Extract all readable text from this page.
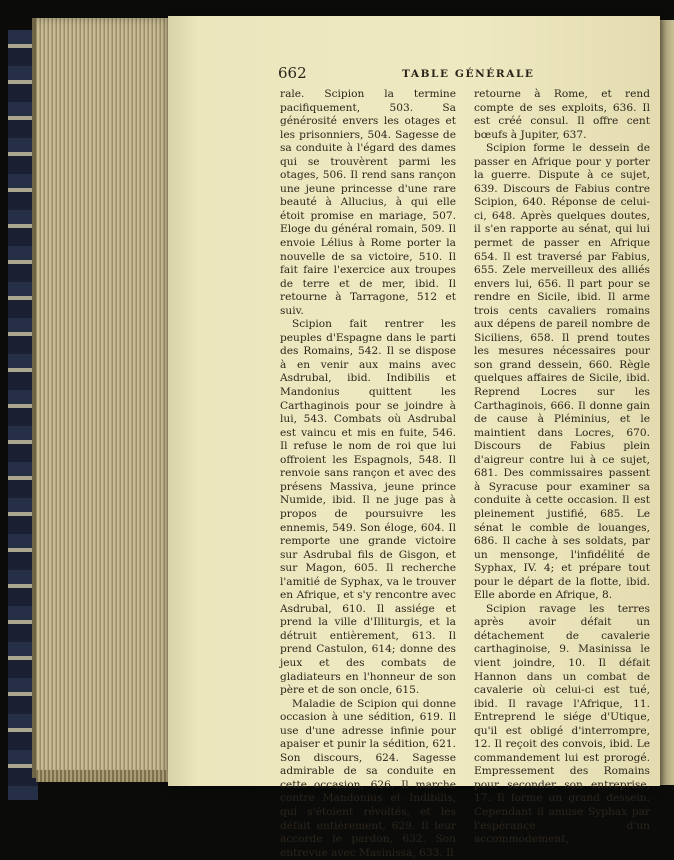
662	TABLE GÉNÉRALE

rale. Scipion la termine pacifiquement, 503. Sa générosité envers les otages et les prisonniers, 504. Sagesse de sa conduite à l'égard des dames qui se trouvèrent parmi les otages, 506. Il rend sans rançon une jeune princesse d'une rare beauté à Allucius, à qui elle étoit promise en mariage, 507. Eloge du général romain, 509. Il envoie Lélius à Rome porter la nouvelle de sa victoire, 510. Il fait faire l'exercice aux troupes de terre et de mer, ibid. Il retourne à Tarragone, 512 et suiv.

Scipion fait rentrer les peuples d'Espagne dans le parti des Romains, 542. Il se dispose à en venir aux mains avec Asdrubal, ibid. Indibilis et Mandonius quittent les Carthaginois pour se joindre à lui, 543. Combats où Asdrubal est vaincu et mis en fuite, 546. Il refuse le nom de roi que lui offroient les Espagnols, 548. Il renvoie sans rançon et avec des présens Massiva, jeune prince Numide, ibid. Il ne juge pas à propos de poursuivre les ennemis, 549. Son éloge, 604. Il remporte une grande victoire sur Asdrubal fils de Gisgon, et sur Magon, 605. Il recherche l'amitié de Syphax, va le trouver en Afrique, et s'y rencontre avec Asdrubal, 610. Il assiége et prend la ville d'Illiturgis, et la détruit entièrement, 613. Il prend Castulon, 614; donne des jeux et des combats de gladiateurs en l'honneur de son père et de son oncle, 615.

Maladie de Scipion qui donne occasion à une sédition, 619. Il use d'une adresse infinie pour apaiser et punir la sédition, 621. Son discours, 624. Sagesse admirable de sa conduite en cette occasion, 626. Il marche contre Mandonius et Indibilis, qui s'étoient révoltés, et les défait entièrement, 629. Il leur accorde le pardon, 632. Son entrevue avec Masinissa, 633. Il

retourne à Rome, et rend compte de ses exploits, 636. Il est créé consul. Il offre cent bœufs à Jupiter, 637.

Scipion forme le dessein de passer en Afrique pour y porter la guerre. Dispute à ce sujet, 639. Discours de Fabius contre Scipion, 640. Réponse de celui-ci, 648. Après quelques doutes, il s'en rapporte au sénat, qui lui permet de passer en Afrique 654. Il est traversé par Fabius, 655. Zele merveilleux des alliés envers lui, 656. Il part pour se rendre en Sicile, ibid. Il arme trois cents cavaliers romains aux dépens de pareil nombre de Siciliens, 658. Il prend toutes les mesures nécessaires pour son grand dessein, 660. Règle quelques affaires de Sicile, ibid. Reprend Locres sur les Carthaginois, 666. Il donne gain de cause à Pléminius, et le maintient dans Locres, 670. Discours de Fabius plein d'aigreur contre lui à ce sujet, 681. Des commissaires passent à Syracuse pour examiner sa conduite à cette occasion. Il est pleinement justifié, 685. Le sénat le comble de louanges, 686. Il cache à ses soldats, par un mensonge, l'infidélité de Syphax, IV. 4; et prépare tout pour le départ de la flotte, ibid. Elle aborde en Afrique, 8.

Scipion ravage les terres après avoir défait un détachement de cavalerie carthaginoise, 9. Masinissa le vient joindre, 10. Il défait Hannon dans un combat de cavalerie où celui-ci est tué, ibid. Il ravage l'Afrique, 11. Entreprend le siége d'Utique, qu'il est obligé d'interrompre, 12. Il reçoit des convois, ibid. Le commandement lui est prorogé. Empressement des Romains pour seconder son entreprise, 17. Il forme un grand dessein. Cependant il amuse Syphax par l'espérance d'un accommodement,
